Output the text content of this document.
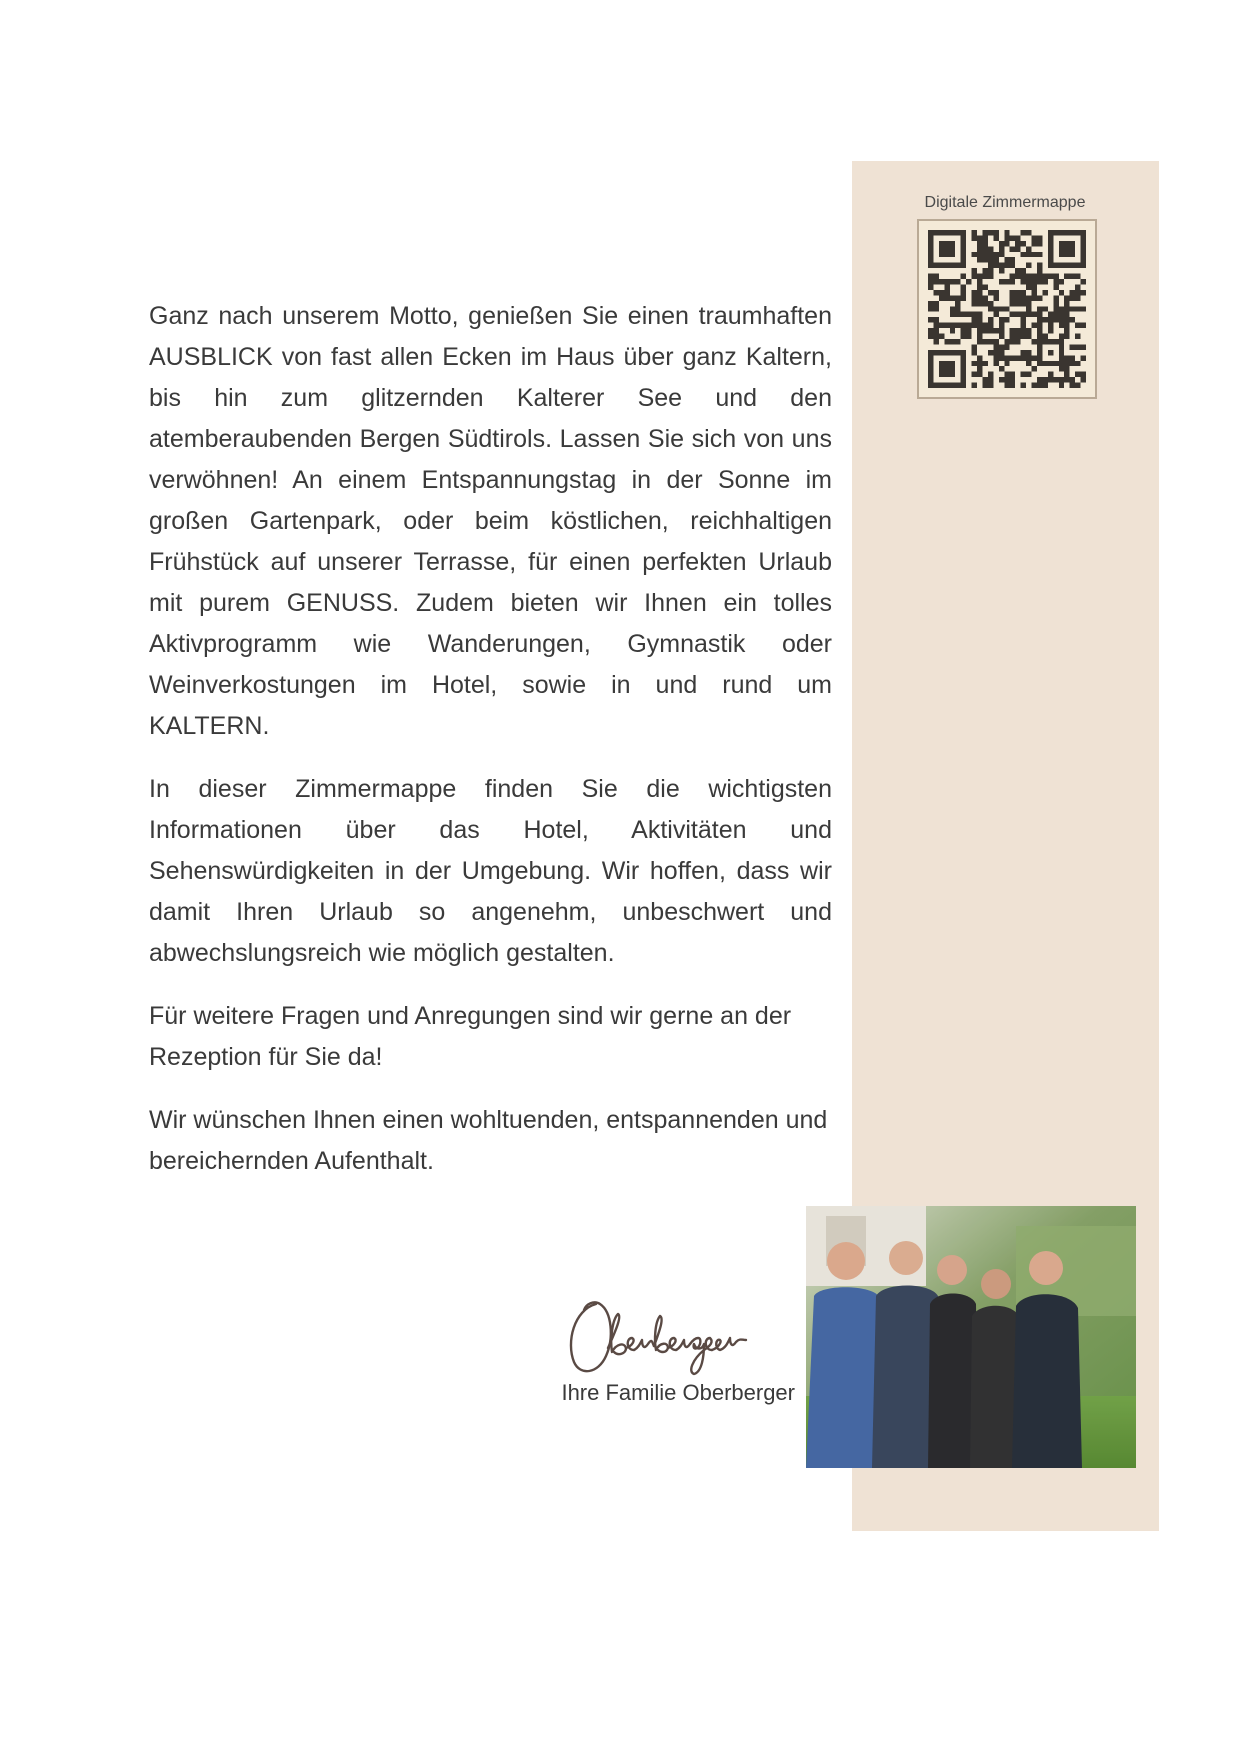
Digitale Zimmermappe

Ganz nach unserem Motto, genießen Sie einen traumhaften AUSBLICK von fast allen Ecken im Haus über ganz Kaltern, bis hin zum glitzernden Kalterer See und den atemberaubenden Bergen Südtirols. Lassen Sie sich von uns verwöhnen! An einem Entspannungstag in der Sonne im großen Gartenpark, oder beim köstlichen, reichhaltigen Frühstück auf unserer Terrasse, für einen perfekten Urlaub mit purem GENUSS. Zudem bieten wir Ihnen ein tolles Aktivprogramm wie Wanderungen, Gymnastik oder Weinverkostungen im Hotel, sowie in und rund um KALTERN.

In dieser Zimmermappe finden Sie die wichtigsten Informationen über das Hotel, Aktivitäten und Sehenswürdigkeiten in der Umgebung. Wir hoffen, dass wir damit Ihren Urlaub so angenehm, unbeschwert und abwechslungsreich wie möglich gestalten.

Für weitere Fragen und Anregungen sind wir gerne an der Rezeption für Sie da!

Wir wünschen Ihnen einen wohltuenden, entspannenden und bereichernden Aufenthalt.

Ihre Familie Oberberger
